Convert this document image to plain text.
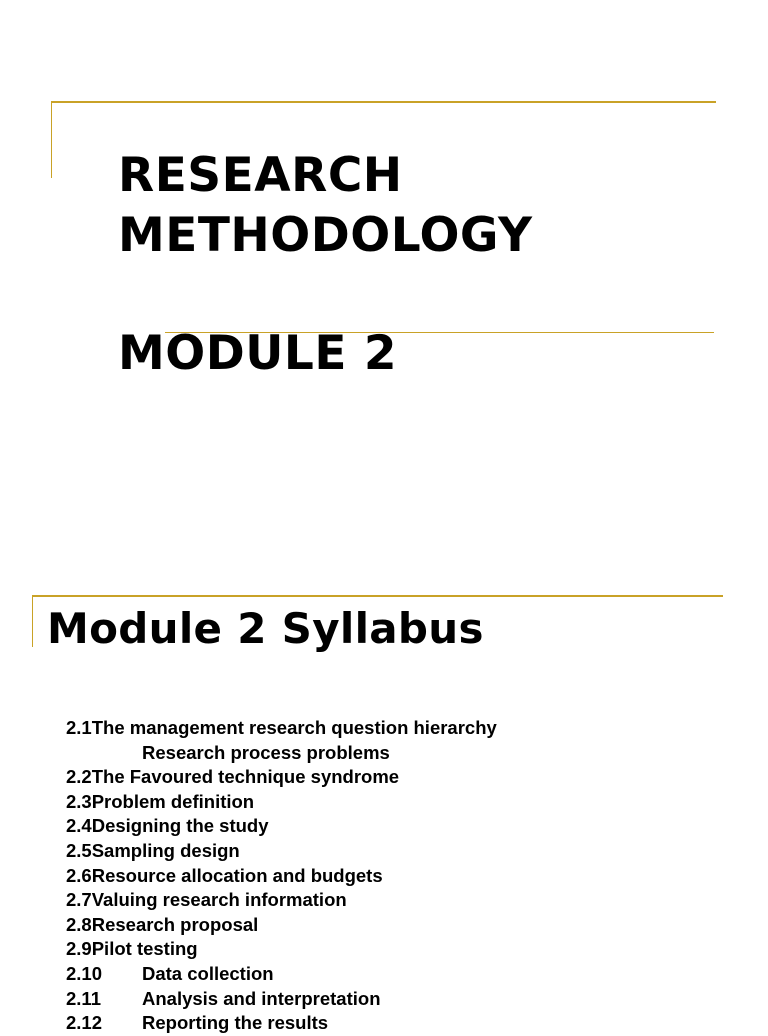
RESEARCH
METHODOLOGY
MODULE 2
Module 2 Syllabus
2.1The management research question hierarchy
Research process problems
2.2The Favoured technique syndrome
2.3Problem definition
2.4Designing the study
2.5Sampling design
2.6Resource allocation and budgets
2.7Valuing research information
2.8Research proposal
2.9Pilot testing
2.10 Data collection
2.11 Analysis and interpretation
2.12 Reporting the results
